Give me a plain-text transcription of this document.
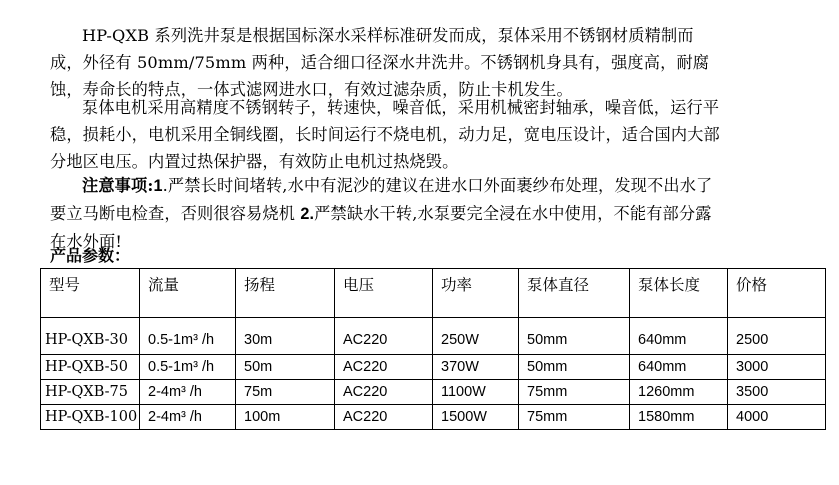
HP-QXB 系列洗井泵是根据国标深水采样标准研发而成，泵体采用不锈钢材质精制而成，外径有 50mm/75mm 两种，适合细口径深水井洗井。不锈钢机身具有，强度高，耐腐蚀，寿命长的特点，一体式滤网进水口，有效过滤杂质，防止卡机发生。

泵体电机采用高精度不锈钢转子，转速快，噪音低，采用机械密封轴承，噪音低，运行平稳，损耗小，电机采用全铜线圈，长时间运行不烧电机，动力足，宽电压设计，适合国内大部分地区电压。内置过热保护器，有效防止电机过热烧毁。

注意事项:1.严禁长时间堵转,水中有泥沙的建议在进水口外面裹纱布处理，发现不出水了要立马断电检查，否则很容易烧机 2.严禁缺水干转,水泵要完全浸在水中使用，不能有部分露在水外面!

产品参数：

型号	流量	扬程	电压	功率	泵体直径	泵体长度	价格
HP-QXB-30	0.5-1m³ /h	30m	AC220	250W	50mm	640mm	2500
HP-QXB-50	0.5-1m³ /h	50m	AC220	370W	50mm	640mm	3000
HP-QXB-75	2-4m³ /h	75m	AC220	1100W	75mm	1260mm	3500
HP-QXB-100	2-4m³ /h	100m	AC220	1500W	75mm	1580mm	4000
